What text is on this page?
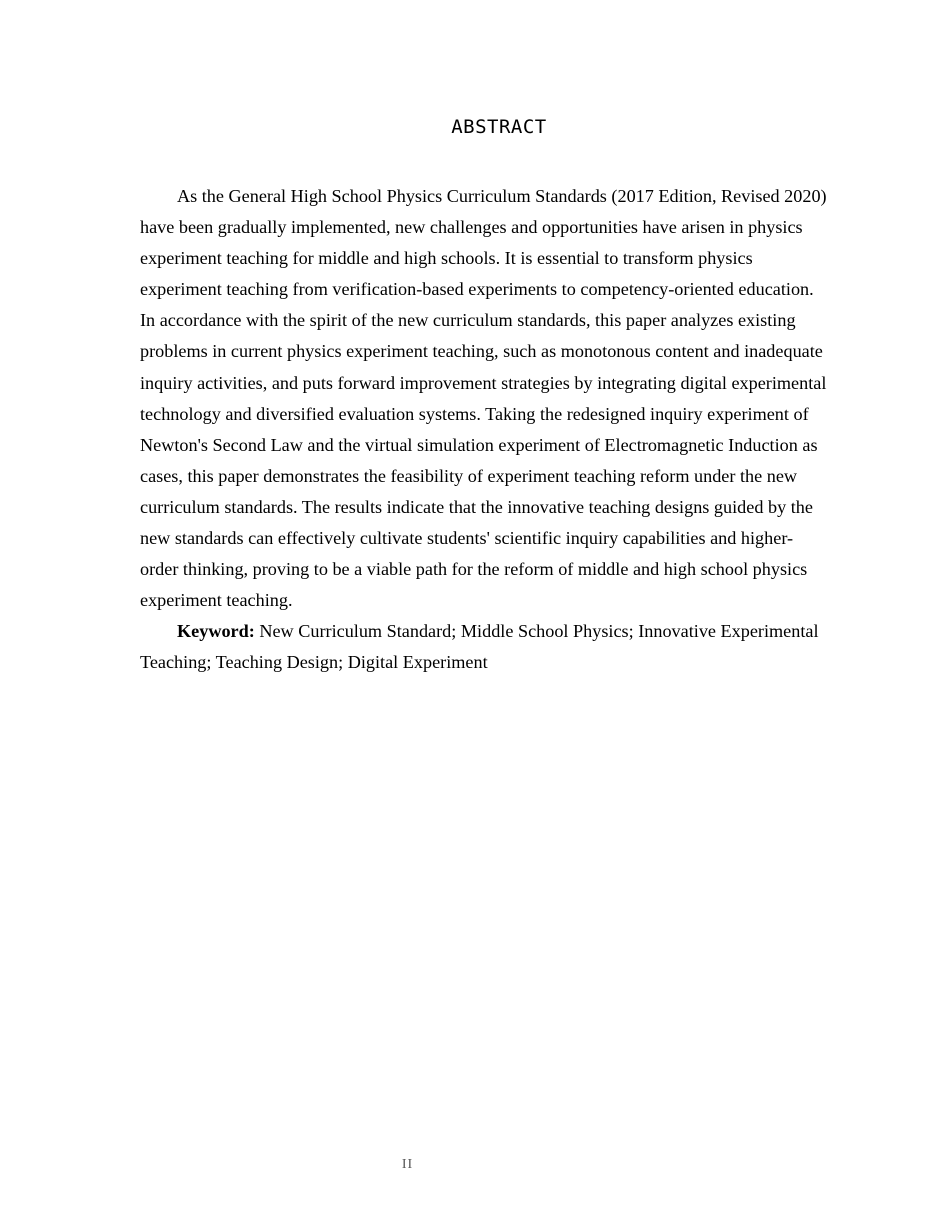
ABSTRACT

As the General High School Physics Curriculum Standards (2017 Edition, Revised 2020) have been gradually implemented, new challenges and opportunities have arisen in physics experiment teaching for middle and high schools. It is essential to transform physics experiment teaching from verification-based experiments to competency-oriented education. In accordance with the spirit of the new curriculum standards, this paper analyzes existing problems in current physics experiment teaching, such as monotonous content and inadequate inquiry activities, and puts forward improvement strategies by integrating digital experimental technology and diversified evaluation systems. Taking the redesigned inquiry experiment of Newton's Second Law and the virtual simulation experiment of Electromagnetic Induction as cases, this paper demonstrates the feasibility of experiment teaching reform under the new curriculum standards. The results indicate that the innovative teaching designs guided by the new standards can effectively cultivate students' scientific inquiry capabilities and higher-order thinking, proving to be a viable path for the reform of middle and high school physics experiment teaching.

Keyword: New Curriculum Standard; Middle School Physics; Innovative Experimental Teaching; Teaching Design; Digital Experiment

II
